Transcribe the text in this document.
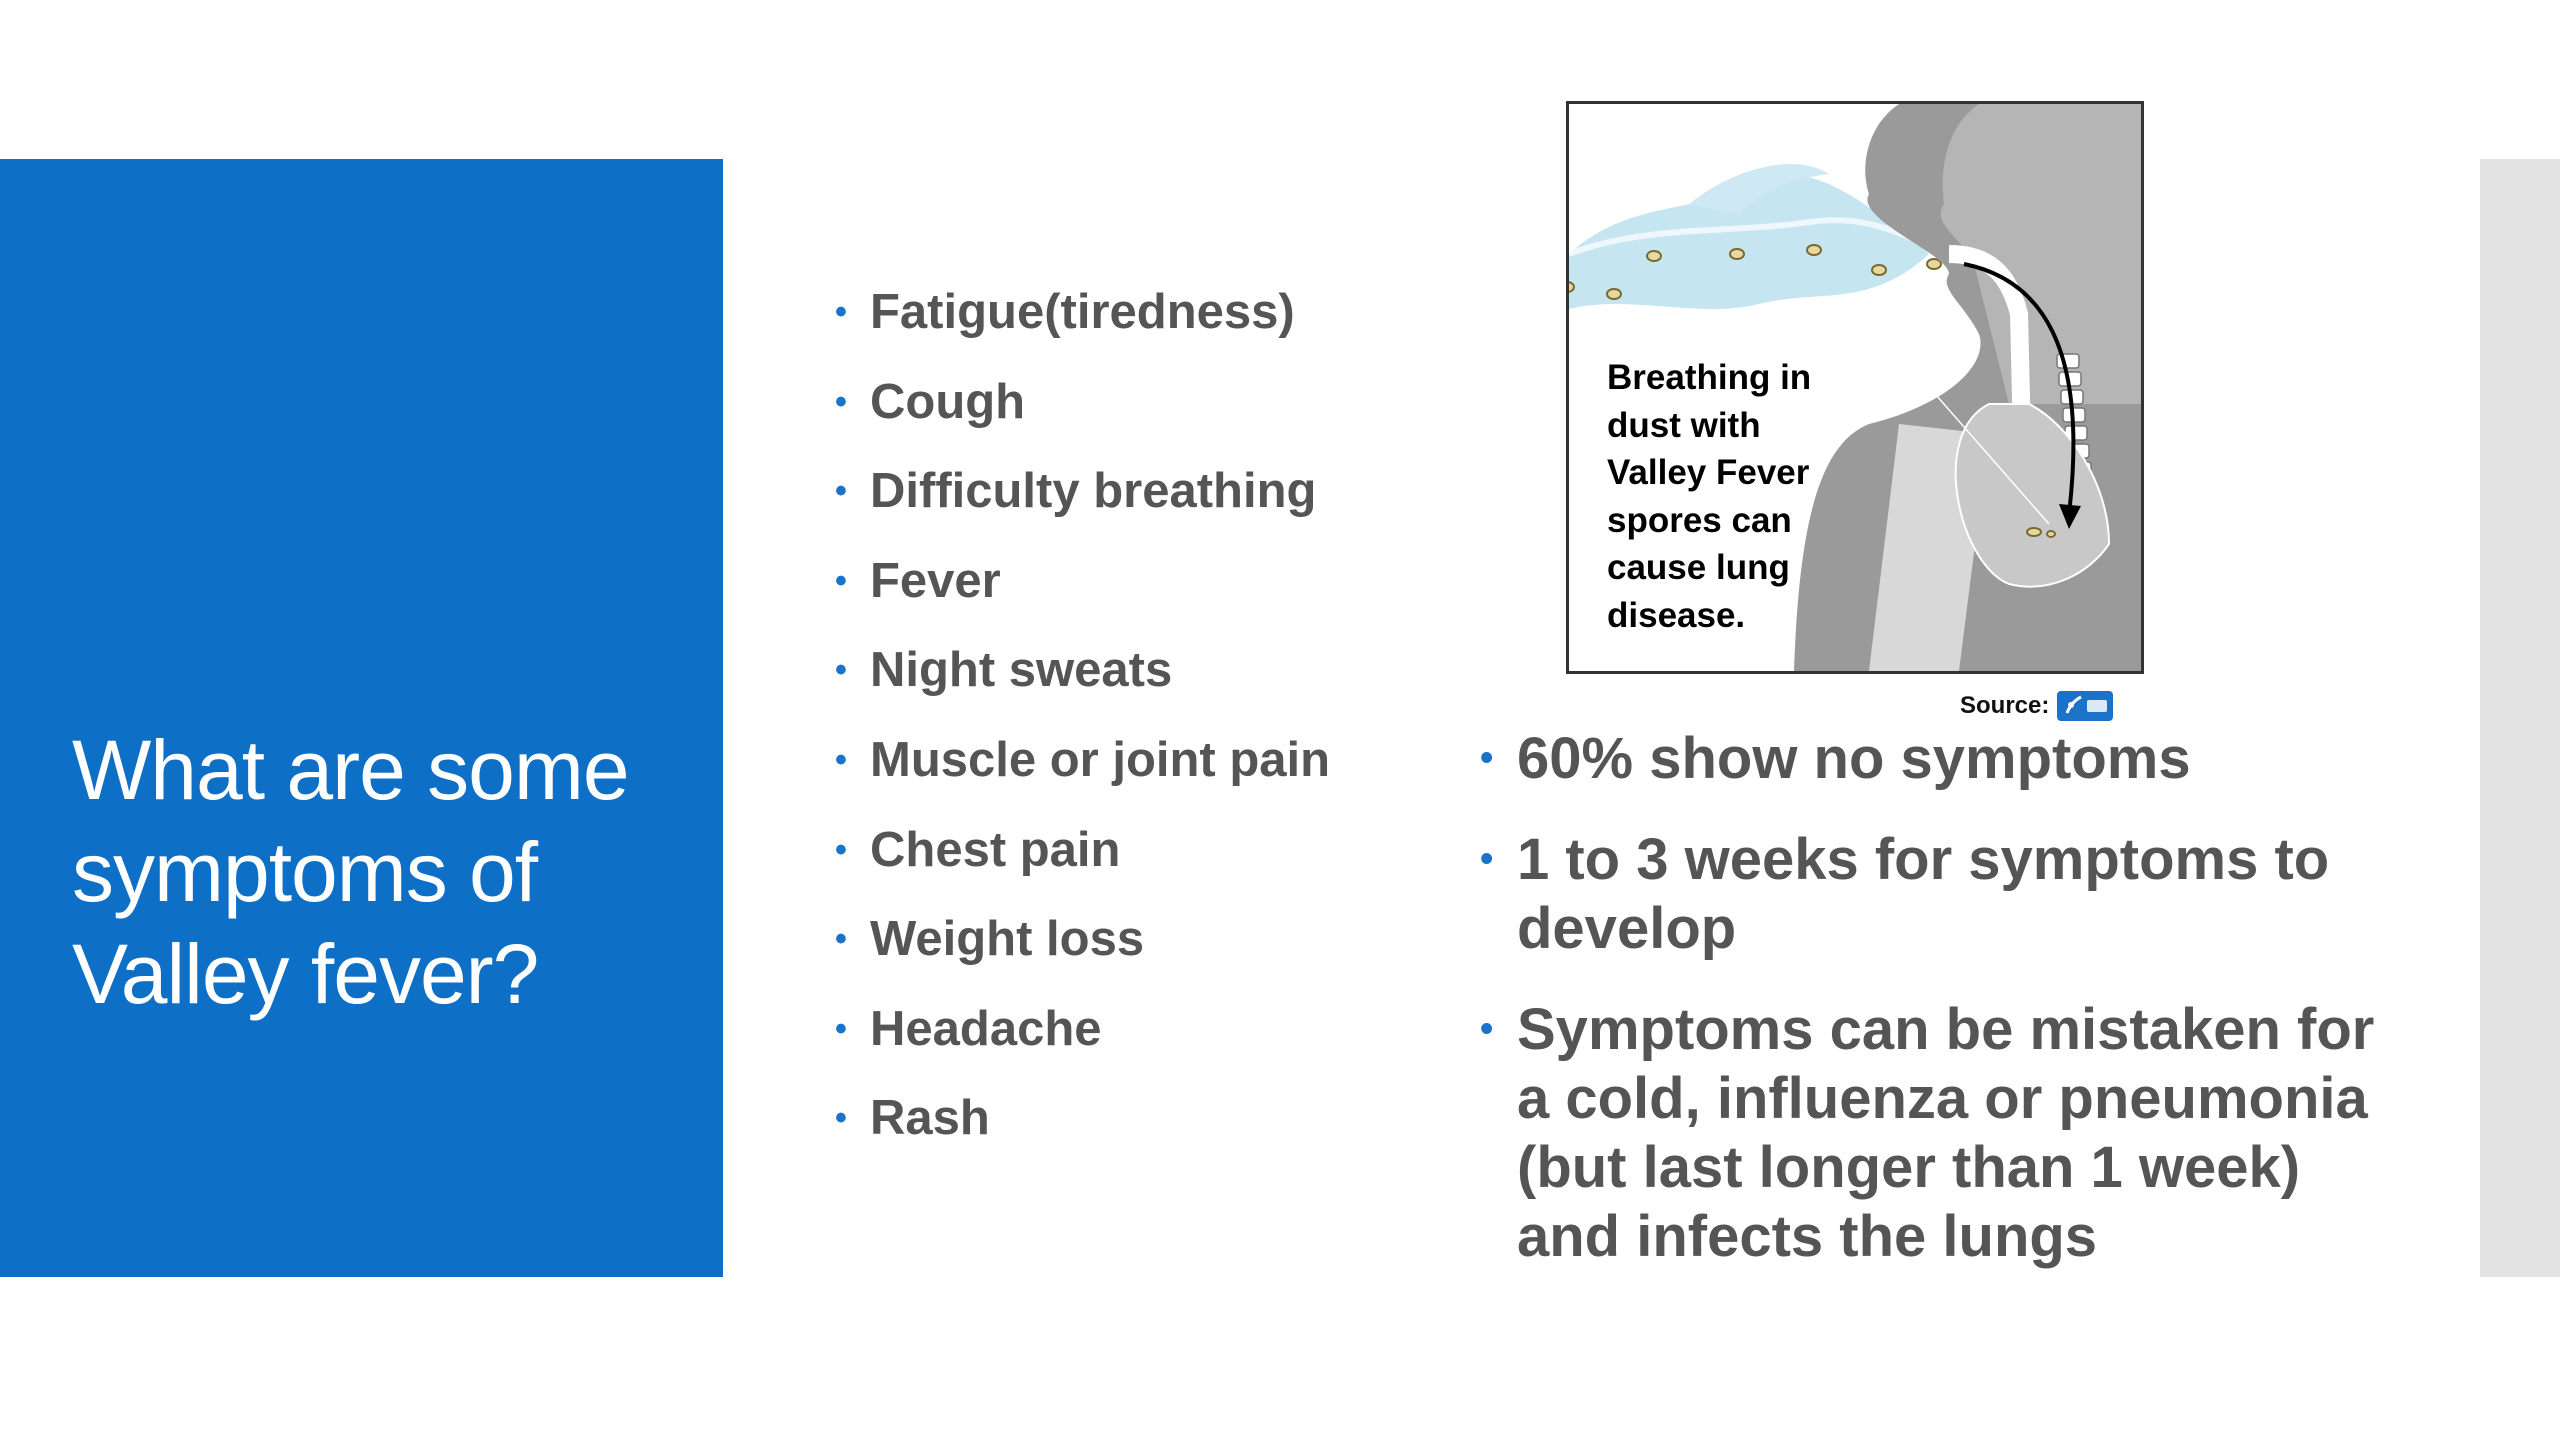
What are some symptoms of Valley fever?
• Fatigue(tiredness)
• Cough
• Difficulty breathing
• Fever
• Night sweats
• Muscle or joint pain
• Chest pain
• Weight loss
• Headache
• Rash
Breathing in
dust with
Valley Fever
spores can
cause lung
disease.
Source:
• 60% show no symptoms
• 1 to 3 weeks for symptoms to develop
• Symptoms can be mistaken for a cold, influenza or pneumonia (but last longer than 1 week) and infects the lungs
